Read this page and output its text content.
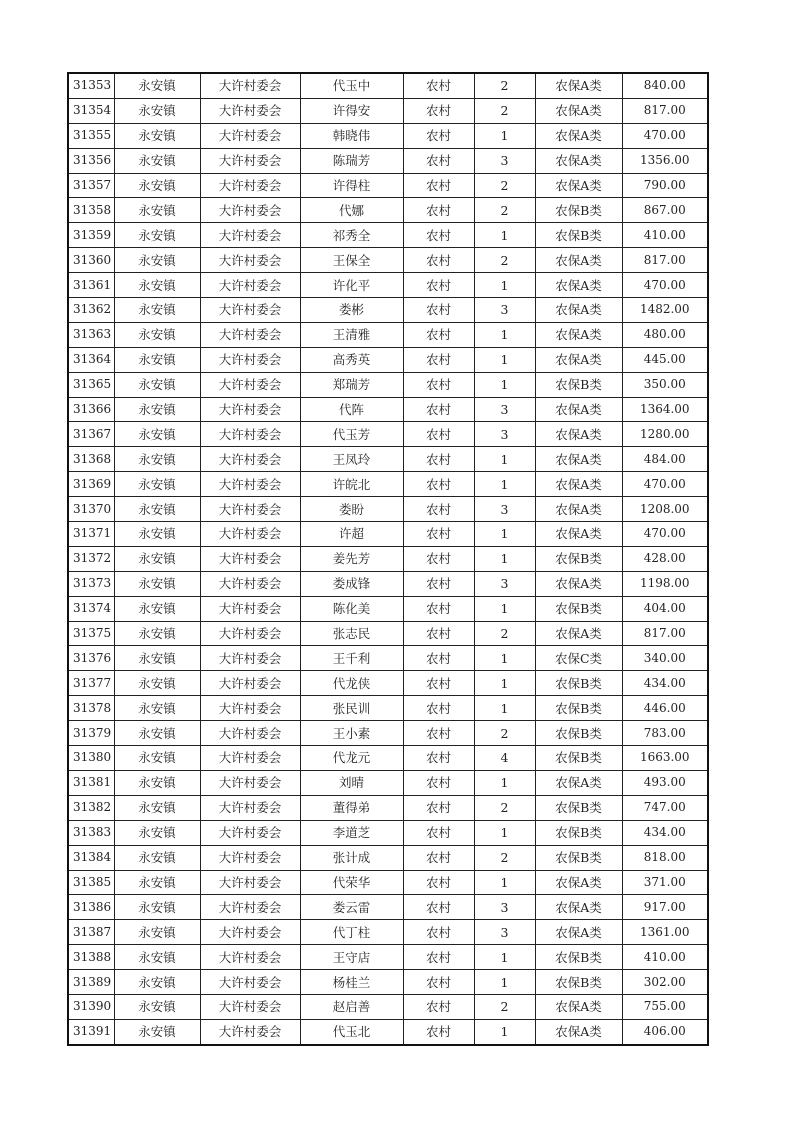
31353	永安镇	大许村委会	代玉中	农村	2	农保A类	840.00
31354	永安镇	大许村委会	许得安	农村	2	农保A类	817.00
31355	永安镇	大许村委会	韩晓伟	农村	1	农保A类	470.00
31356	永安镇	大许村委会	陈瑞芳	农村	3	农保A类	1356.00
31357	永安镇	大许村委会	许得柱	农村	2	农保A类	790.00
31358	永安镇	大许村委会	代娜	农村	2	农保B类	867.00
31359	永安镇	大许村委会	祁秀全	农村	1	农保B类	410.00
31360	永安镇	大许村委会	王保全	农村	2	农保A类	817.00
31361	永安镇	大许村委会	许化平	农村	1	农保A类	470.00
31362	永安镇	大许村委会	娄彬	农村	3	农保A类	1482.00
31363	永安镇	大许村委会	王清雅	农村	1	农保A类	480.00
31364	永安镇	大许村委会	高秀英	农村	1	农保A类	445.00
31365	永安镇	大许村委会	郑瑞芳	农村	1	农保B类	350.00
31366	永安镇	大许村委会	代阵	农村	3	农保A类	1364.00
31367	永安镇	大许村委会	代玉芳	农村	3	农保A类	1280.00
31368	永安镇	大许村委会	王凤玲	农村	1	农保A类	484.00
31369	永安镇	大许村委会	许皖北	农村	1	农保A类	470.00
31370	永安镇	大许村委会	娄盼	农村	3	农保A类	1208.00
31371	永安镇	大许村委会	许超	农村	1	农保A类	470.00
31372	永安镇	大许村委会	姜先芳	农村	1	农保B类	428.00
31373	永安镇	大许村委会	娄成锋	农村	3	农保A类	1198.00
31374	永安镇	大许村委会	陈化美	农村	1	农保B类	404.00
31375	永安镇	大许村委会	张志民	农村	2	农保A类	817.00
31376	永安镇	大许村委会	王千利	农村	1	农保C类	340.00
31377	永安镇	大许村委会	代龙侠	农村	1	农保B类	434.00
31378	永安镇	大许村委会	张民训	农村	1	农保B类	446.00
31379	永安镇	大许村委会	王小素	农村	2	农保B类	783.00
31380	永安镇	大许村委会	代龙元	农村	4	农保B类	1663.00
31381	永安镇	大许村委会	刘晴	农村	1	农保A类	493.00
31382	永安镇	大许村委会	董得弟	农村	2	农保B类	747.00
31383	永安镇	大许村委会	李道芝	农村	1	农保B类	434.00
31384	永安镇	大许村委会	张计成	农村	2	农保B类	818.00
31385	永安镇	大许村委会	代荣华	农村	1	农保A类	371.00
31386	永安镇	大许村委会	娄云雷	农村	3	农保A类	917.00
31387	永安镇	大许村委会	代丁柱	农村	3	农保A类	1361.00
31388	永安镇	大许村委会	王守店	农村	1	农保B类	410.00
31389	永安镇	大许村委会	杨桂兰	农村	1	农保B类	302.00
31390	永安镇	大许村委会	赵启善	农村	2	农保A类	755.00
31391	永安镇	大许村委会	代玉北	农村	1	农保A类	406.00
